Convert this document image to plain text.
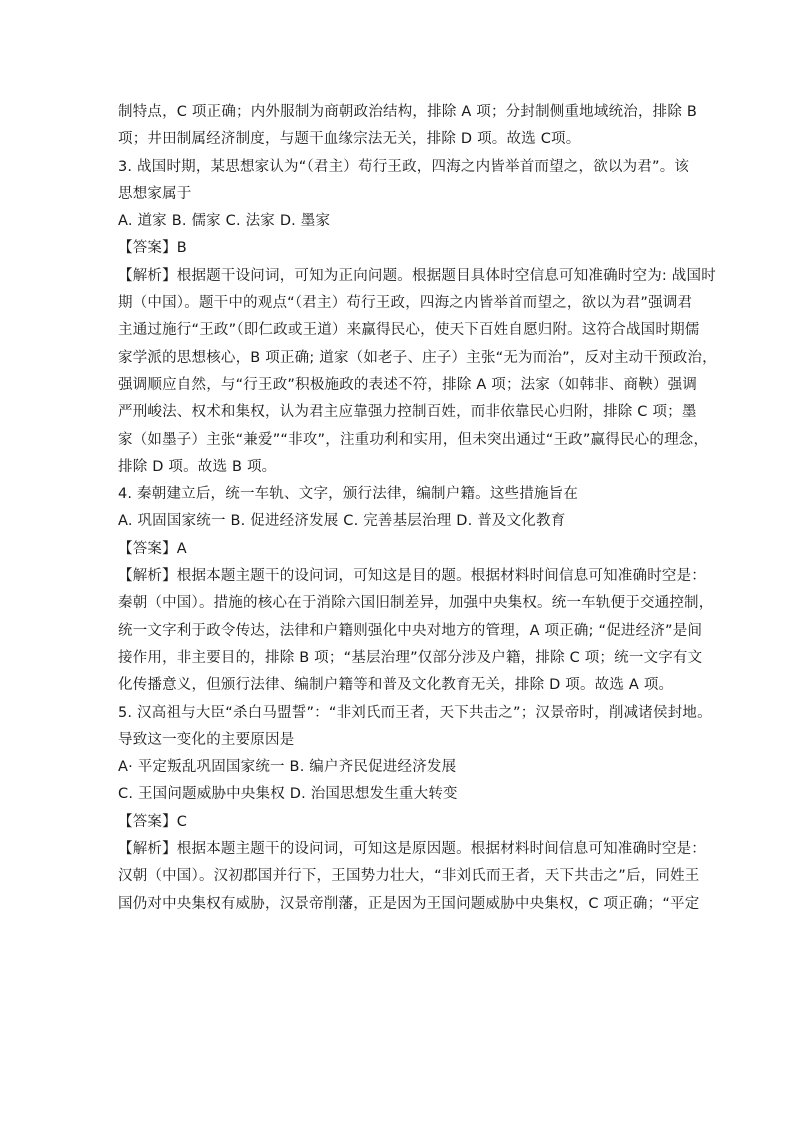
制特点，C 项正确；内外服制为商朝政治结构，排除 A 项；分封制侧重地域统治，排除 B
项；井田制属经济制度，与题干血缘宗法无关，排除 D 项。故选 C项。
3. 战国时期，某思想家认为“（君主）苟行王政，四海之内皆举首而望之，欲以为君”。该
思想家属于
A. 道家 B. 儒家 C. 法家 D. 墨家
【答案】B
【解析】根据题干设问词，可知为正向问题。根据题目具体时空信息可知准确时空为: 战国时
期（中国）。题干中的观点“（君主）苟行王政，四海之内皆举首而望之，欲以为君”强调君
主通过施行“王政”（即仁政或王道）来赢得民心，使天下百姓自愿归附。这符合战国时期儒
家学派的思想核心，B 项正确; 道家（如老子、庄子）主张“无为而治”，反对主动干预政治，
强调顺应自然，与“行王政”积极施政的表述不符，排除 A 项；法家（如韩非、商鞅）强调
严刑峻法、权术和集权，认为君主应靠强力控制百姓，而非依靠民心归附，排除 C 项；墨
家（如墨子）主张“兼爱”“非攻”，注重功利和实用，但未突出通过“王政”赢得民心的理念，
排除 D 项。故选 B 项。
4. 秦朝建立后，统一车轨、文字，颁行法律，编制户籍。这些措施旨在
A. 巩固国家统一 B. 促进经济发展 C. 完善基层治理 D. 普及文化教育
【答案】A
【解析】根据本题主题干的设问词，可知这是目的题。根据材料时间信息可知准确时空是：
秦朝（中国）。措施的核心在于消除六国旧制差异，加强中央集权。统一车轨便于交通控制，
统一文字利于政令传达，法律和户籍则强化中央对地方的管理，A 项正确; “促进经济”是间
接作用，非主要目的，排除 B 项；“基层治理”仅部分涉及户籍，排除 C 项；统一文字有文
化传播意义，但颁行法律、编制户籍等和普及文化教育无关，排除 D 项。故选 A 项。
5. 汉高祖与大臣“杀白马盟誓”：“非刘氏而王者，天下共击之”；汉景帝时，削减诸侯封地。
导致这一变化的主要原因是
A· 平定叛乱巩固国家统一 B. 编户齐民促进经济发展
C. 王国问题威胁中央集权 D. 治国思想发生重大转变
【答案】C
【解析】根据本题主题干的设问词，可知这是原因题。根据材料时间信息可知准确时空是：
汉朝（中国）。汉初郡国并行下，王国势力壮大，“非刘氏而王者，天下共击之”后，同姓王
国仍对中央集权有威胁，汉景帝削藩，正是因为王国问题威胁中央集权，C 项正确；“平定
